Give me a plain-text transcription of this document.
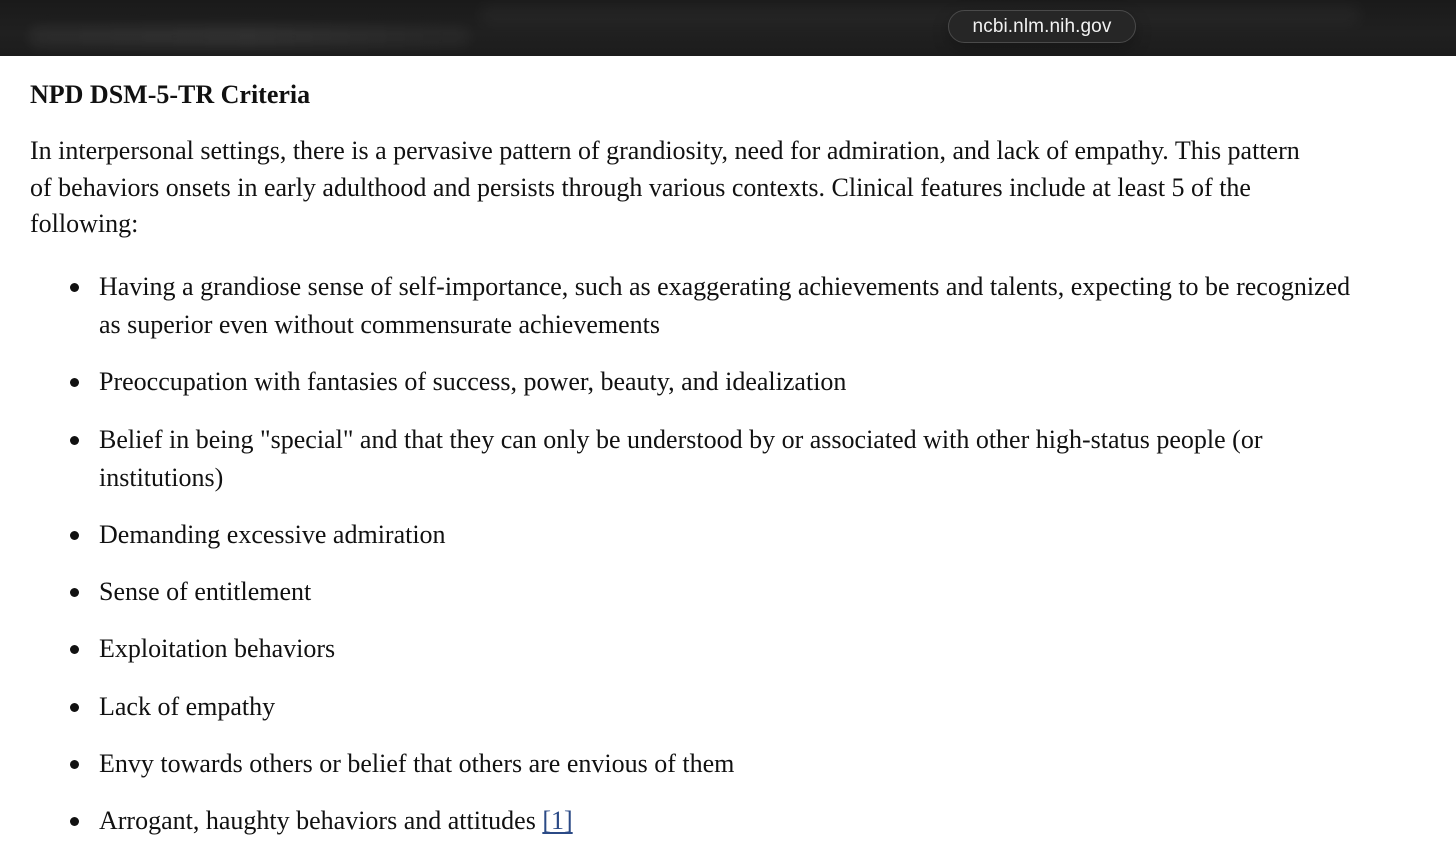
ncbi.nlm.nih.gov
NPD DSM-5-TR Criteria

In interpersonal settings, there is a pervasive pattern of grandiosity, need for admiration, and lack of empathy. This pattern of behaviors onsets in early adulthood and persists through various contexts. Clinical features include at least 5 of the following:

Having a grandiose sense of self-importance, such as exaggerating achievements and talents, expecting to be recognized as superior even without commensurate achievements
Preoccupation with fantasies of success, power, beauty, and idealization
Belief in being "special" and that they can only be understood by or associated with other high-status people (or institutions)
Demanding excessive admiration
Sense of entitlement
Exploitation behaviors
Lack of empathy
Envy towards others or belief that others are envious of them
Arrogant, haughty behaviors and attitudes [1]
